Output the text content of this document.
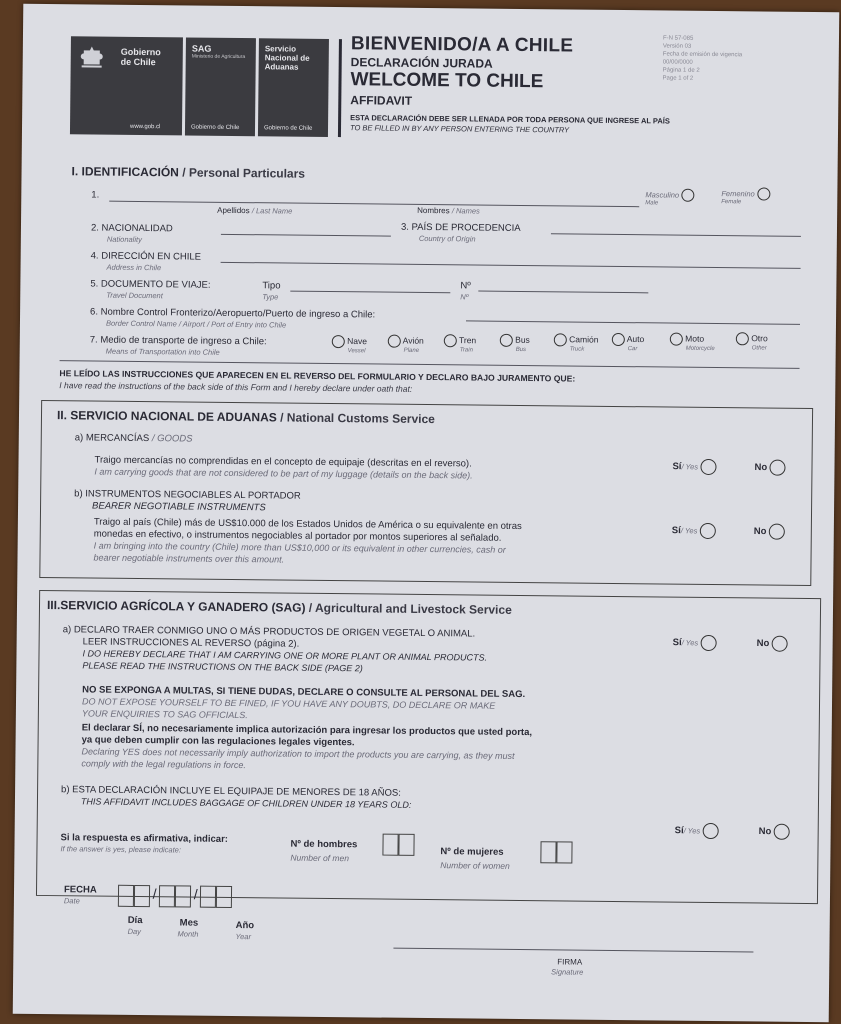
Gobierno de Chile
www.gob.cl
SAG
Ministerio de Agricultura
Gobierno de Chile
Servicio Nacional de Aduanas
Gobierno de Chile
BIENVENIDO/A A CHILE
DECLARACIÓN JURADA
WELCOME TO CHILE
AFFIDAVIT
ESTA DECLARACIÓN DEBE SER LLENADA POR TODA PERSONA QUE INGRESE AL PAÍS
TO BE FILLED IN BY ANY PERSON ENTERING THE COUNTRY
F-N 57-085
Versión 03
Fecha de emisión de vigencia
00/00/0000
Página 1 de 2
Page 1 of 2
I. IDENTIFICACIÓN / Personal Particulars
1.
Apellidos / Last Name	Nombres / Names
Masculino
Male
Femenino
Female
2. NACIONALIDAD
Nationality
3. PAÍS DE PROCEDENCIA
Country of Origin
4. DIRECCIÓN EN CHILE
Address in Chile
5. DOCUMENTO DE VIAJE:
Travel Document
Tipo
Type
Nº
Nº
6. Nombre Control Fronterizo/Aeropuerto/Puerto de ingreso a Chile:
Border Control Name / Airport / Port of Entry into Chile
7. Medio de transporte de ingreso a Chile:
Means of Transportation into Chile
Nave
Vessel
Avión
Plane
Tren
Train
Bus
Bus
Camión
Truck
Auto
Car
Moto
Motorcycle
Otro
Other
HE LEÍDO LAS INSTRUCCIONES QUE APARECEN EN EL REVERSO DEL FORMULARIO Y DECLARO BAJO JURAMENTO QUE:
I have read the instructions of the back side of this Form and I hereby declare under oath that:
II. SERVICIO NACIONAL DE ADUANAS / National Customs Service
a) MERCANCÍAS / GOODS
Traigo mercancías no comprendidas en el concepto de equipaje (descritas en el reverso).
I am carrying goods that are not considered to be part of my luggage (details on the back side).	Sí/ Yes	No
b) INSTRUMENTOS NEGOCIABLES AL PORTADOR
BEARER NEGOTIABLE INSTRUMENTS
Traigo al país (Chile) más de US$10.000 de los Estados Unidos de América o su equivalente en otras
monedas en efectivo, o instrumentos negociables al portador por montos superiores al señalado.
I am bringing into the country (Chile) more than US$10,000 or its equivalent in other currencies, cash or
bearer negotiable instruments over this amount.
Sí/ Yes	No
III.SERVICIO AGRÍCOLA Y GANADERO (SAG) / Agricultural and Livestock Service
a) DECLARO TRAER CONMIGO UNO O MÁS PRODUCTOS DE ORIGEN VEGETAL O ANIMAL.
LEER INSTRUCCIONES AL REVERSO (página 2).
I DO HEREBY DECLARE THAT I AM CARRYING ONE OR MORE PLANT OR ANIMAL PRODUCTS.
PLEASE READ THE INSTRUCTIONS ON THE BACK SIDE (PAGE 2)
Sí/ Yes	No
NO SE EXPONGA A MULTAS, SI TIENE DUDAS, DECLARE O CONSULTE AL PERSONAL DEL SAG.
DO NOT EXPOSE YOURSELF TO BE FINED, IF YOU HAVE ANY DOUBTS, DO DECLARE OR MAKE
YOUR ENQUIRIES TO SAG OFFICIALS.
El declarar SÍ, no necesariamente implica autorización para ingresar los productos que usted porta,
ya que deben cumplir con las regulaciones legales vigentes.
Declaring YES does not necessarily imply authorization to import the products you are carrying, as they must
comply with the legal regulations in force.
b) ESTA DECLARACIÓN INCLUYE EL EQUIPAJE DE MENORES DE 18 AÑOS:
THIS AFFIDAVIT INCLUDES BAGGAGE OF CHILDREN UNDER 18 YEARS OLD:
Sí/ Yes	No
Si la respuesta es afirmativa, indicar:
If the answer is yes, please indicate:	Nº de hombres
Number of men
Nº de mujeres
Number of women
FECHA
Date	/	/
Día
Day
Mes
Month
Año
Year
FIRMA
Signature
